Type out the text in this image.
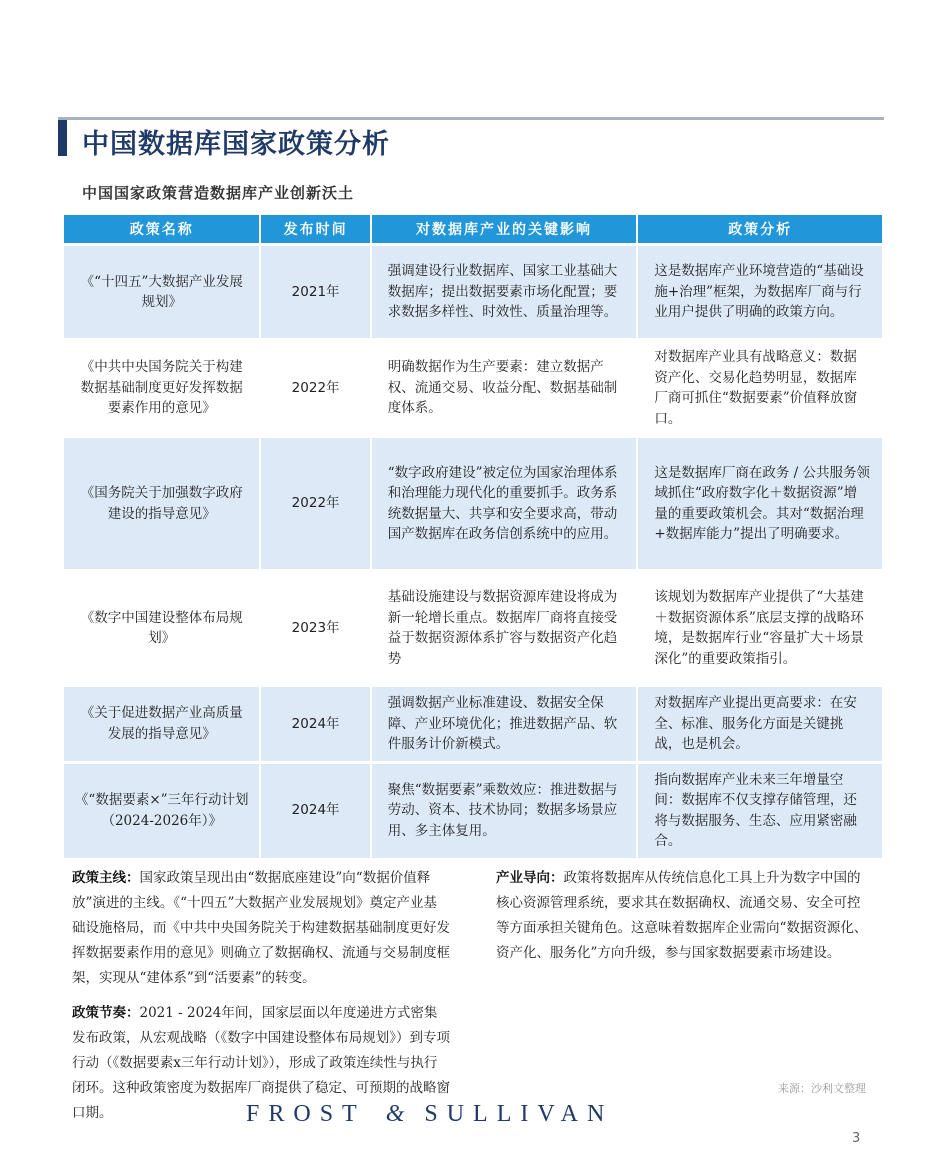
中国数据库国家政策分析
中国国家政策营造数据库产业创新沃土
政策名称	发布时间	对数据库产业的关键影响	政策分析
《“十四五”大数据产业发展规划》	2021年	强调建设行业数据库、国家工业基础大数据库；提出数据要素市场化配置；要求数据多样性、时效性、质量治理等。	这是数据库产业环境营造的“基础设施+治理”框架，为数据库厂商与行业用户提供了明确的政策方向。
《中共中央国务院关于构建数据基础制度更好发挥数据要素作用的意见》	2022年	明确数据作为生产要素：建立数据产权、流通交易、收益分配、数据基础制度体系。	对数据库产业具有战略意义：数据资产化、交易化趋势明显，数据库厂商可抓住“数据要素”价值释放窗口。
《国务院关于加强数字政府建设的指导意见》	2022年	“数字政府建设”被定位为国家治理体系和治理能力现代化的重要抓手。政务系统数据量大、共享和安全要求高，带动国产数据库在政务信创系统中的应用。	这是数据库厂商在政务 / 公共服务领域抓住“政府数字化＋数据资源”增量的重要政策机会。其对“数据治理+数据库能力”提出了明确要求。
《数字中国建设整体布局规划》	2023年	基础设施建设与数据资源库建设将成为新一轮增长重点。数据库厂商将直接受益于数据资源体系扩容与数据资产化趋势	该规划为数据库产业提供了“大基建＋数据资源体系”底层支撑的战略环境，是数据库行业“容量扩大＋场景深化”的重要政策指引。
《关于促进数据产业高质量发展的指导意见》	2024年	强调数据产业标准建设、数据安全保障、产业环境优化；推进数据产品、软件服务计价新模式。	对数据库产业提出更高要求：在安全、标准、服务化方面是关键挑战，也是机会。
《“数据要素×”三年行动计划（2024-2026年）》	2024年	聚焦“数据要素”乘数效应：推进数据与劳动、资本、技术协同；数据多场景应用、多主体复用。	指向数据库产业未来三年增量空间：数据库不仅支撑存储管理，还将与数据服务、生态、应用紧密融合。

政策主线：国家政策呈现出由“数据底座建设”向“数据价值释放”演进的主线。《“十四五”大数据产业发展规划》奠定产业基础设施格局，而《中共中央国务院关于构建数据基础制度更好发挥数据要素作用的意见》则确立了数据确权、流通与交易制度框架，实现从“建体系”到“活要素”的转变。

政策节奏：2021 - 2024年间，国家层面以年度递进方式密集发布政策，从宏观战略（《数字中国建设整体布局规划》）到专项行动（《数据要素x三年行动计划》），形成了政策连续性与执行闭环。这种政策密度为数据库厂商提供了稳定、可预期的战略窗口期。

产业导向：政策将数据库从传统信息化工具上升为数字中国的核心资源管理系统，要求其在数据确权、流通交易、安全可控等方面承担关键角色。这意味着数据库企业需向“数据资源化、资产化、服务化”方向升级，参与国家数据要素市场建设。

来源：沙利文整理
FROST & SULLIVAN
3
